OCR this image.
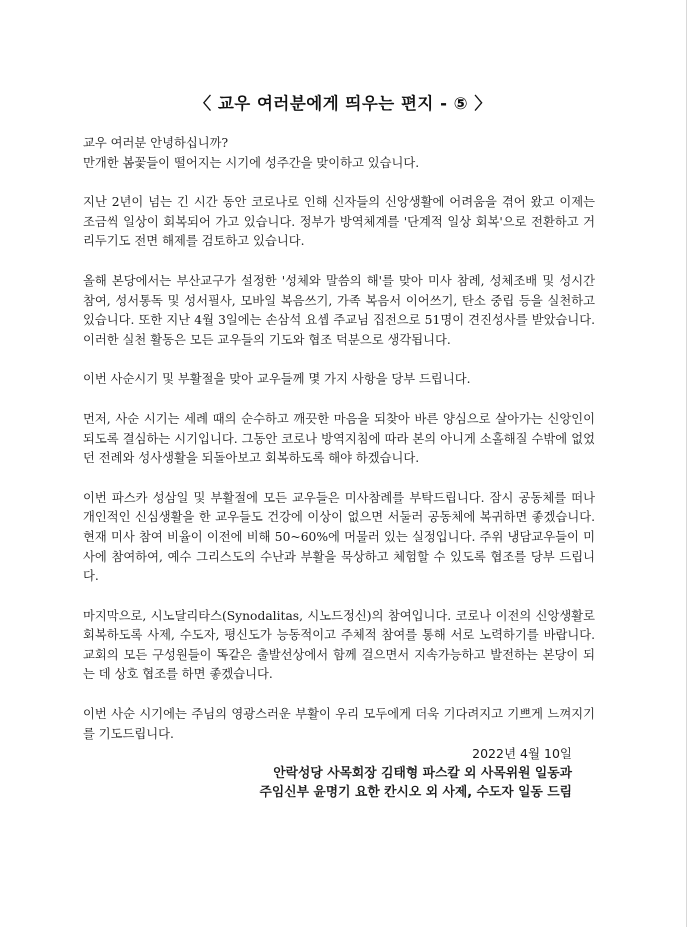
〈 교우 여러분에게 띄우는 편지 - ⑤ 〉

교우 여러분 안녕하십니까?
만개한 봄꽃들이 떨어지는 시기에 성주간을 맞이하고 있습니다.

지난 2년이 넘는 긴 시간 동안 코로나로 인해 신자들의 신앙생활에 어려움을 겪어 왔고 이제는 조금씩 일상이 회복되어 가고 있습니다. 정부가 방역체계를 '단계적 일상 회복'으로 전환하고 거리두기도 전면 해제를 검토하고 있습니다.

올해 본당에서는 부산교구가 설정한 '성체와 말씀의 해'를 맞아 미사 참례, 성체조배 및 성시간 참여, 성서통독 및 성서필사, 모바일 복음쓰기, 가족 복음서 이어쓰기, 탄소 중립 등을 실천하고 있습니다. 또한 지난 4월 3일에는 손삼석 요셉 주교님 집전으로 51명이 견진성사를 받았습니다. 이러한 실천 활동은 모든 교우들의 기도와 협조 덕분으로 생각됩니다.

이번 사순시기 및 부활절을 맞아 교우들께 몇 가지 사항을 당부 드립니다.

먼저, 사순 시기는 세례 때의 순수하고 깨끗한 마음을 되찾아 바른 양심으로 살아가는 신앙인이 되도록 결심하는 시기입니다. 그동안 코로나 방역지침에 따라 본의 아니게 소홀해질 수밖에 없었던 전례와 성사생활을 되돌아보고 회복하도록 해야 하겠습니다.

이번 파스카 성삼일 및 부활절에 모든 교우들은 미사참례를 부탁드립니다. 잠시 공동체를 떠나 개인적인 신심생활을 한 교우들도 건강에 이상이 없으면 서둘러 공동체에 복귀하면 좋겠습니다. 현재 미사 참여 비율이 이전에 비해 50~60%에 머물러 있는 실정입니다. 주위 냉담교우들이 미사에 참여하여, 예수 그리스도의 수난과 부활을 묵상하고 체험할 수 있도록 협조를 당부 드립니다.

마지막으로, 시노달리타스(Synodalitas, 시노드정신)의 참여입니다. 코로나 이전의 신앙생활로 회복하도록 사제, 수도자, 평신도가 능동적이고 주체적 참여를 통해 서로 노력하기를 바랍니다. 교회의 모든 구성원들이 똑같은 출발선상에서 함께 걸으면서 지속가능하고 발전하는 본당이 되는 데 상호 협조를 하면 좋겠습니다.

이번 사순 시기에는 주님의 영광스러운 부활이 우리 모두에게 더욱 기다려지고 기쁘게 느껴지기를 기도드립니다.

2022년 4월 10일
안락성당 사목회장 김태형 파스칼 외 사목위원 일동과
주임신부 윤명기 요한 칸시오 외 사제, 수도자 일동 드림
